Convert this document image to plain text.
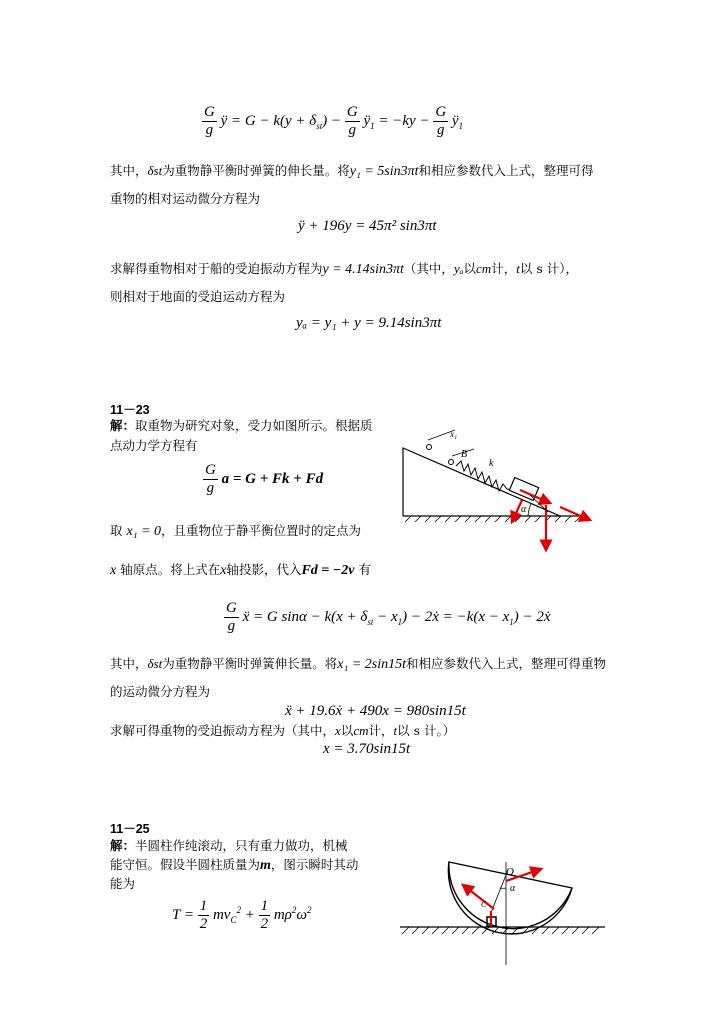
$\frac{G}{g}$ ÿ = $G - k(y + \delta_{st}) - \frac{G}{g}$ $ÿ_1 = -ky - \frac{G}{g}$ $ÿ_1$
其中，δst为重物静平衡时弹簧的伸长量。将y₁ = 5sin3πt和相应参数代入上式，整理可得
重物的相对运动微分方程为
ÿ + 196y = 45π² sin3πt
求解得重物相对于船的受迫振动方程为y = 4.14sin3πt（其中，yₐ以cm计，t以 s 计），
则相对于地面的受迫运动方程为
yₐ = y₁ + y = 9.14sin3πt
11－23
解：取重物为研究对象，受力如图所示。根据质
点动力学方程有
$\frac{G}{g}$ a = G + Fk + Fd
取 x₁ = 0，且重物位于静平衡位置时的定点为
x 轴原点。将上式在x轴投影，代入Fd = −2v 有
$\frac{G}{g}$ ẍ = G $\sin\alpha - k(x + \delta_{st} - x_1)$ − 2ẋ = $-k(x - x_1)$ − 2ẋ
其中，δst为重物静平衡时弹簧伸长量。将x₁ = 2sin15t和相应参数代入上式，整理可得重物
的运动微分方程为
ẍ + 19.6ẋ + 490x = 980sin15t
求解可得重物的受迫振动方程为（其中，x以cm计，t以 s 计。）
x = 3.70sin15t
x₁
B
k
α
11－25
解：半圆柱作纯滚动，只有重力做功，机械
能守恒。假设半圆柱质量为m，图示瞬时其动
能为
$T = \frac{1}{2} mv_C^2 + \frac{1}{2} m\rho^2\omega^2$
O
α
C
